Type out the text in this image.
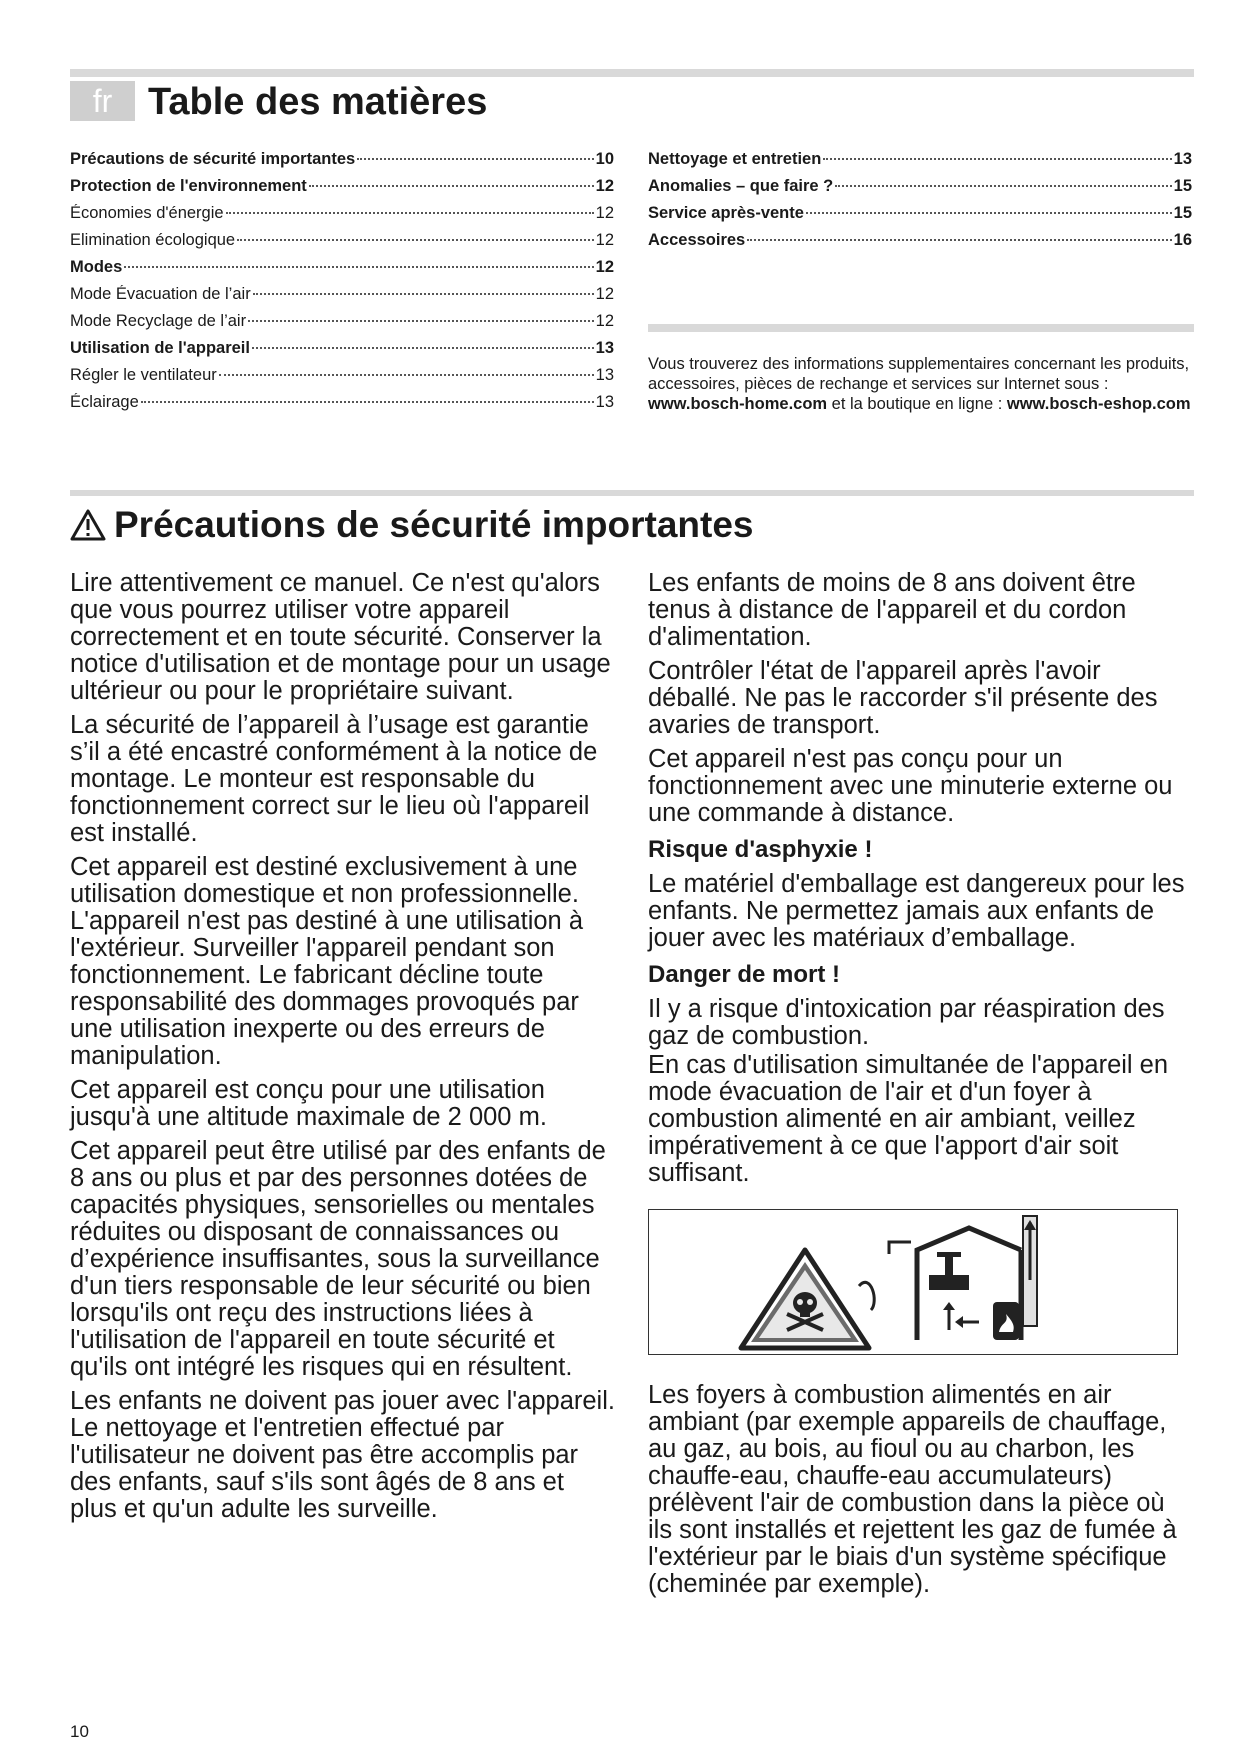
fr Table des matières
Précautions de sécurité importantes	10
Protection de l'environnement	12
Économies d'énergie	12
Elimination écologique	12
Modes	12
Mode Évacuation de l’air	12
Mode Recyclage de l’air	12
Utilisation de l'appareil	13
Régler le ventilateur	13
Éclairage	13
Nettoyage et entretien	13
Anomalies – que faire ?	15
Service après-vente	15
Accessoires	16
Vous trouverez des informations supplementaires concernant les produits, accessoires, pièces de rechange et services sur Internet sous : www.bosch-home.com et la boutique en ligne : www.bosch-eshop.com
Précautions de sécurité importantes

Lire attentivement ce manuel. Ce n'est qu'alors que vous pourrez utiliser votre appareil correctement et en toute sécurité. Conserver la notice d'utilisation et de montage pour un usage ultérieur ou pour le propriétaire suivant.

La sécurité de l’appareil à l’usage est garantie s’il a été encastré conformément à la notice de montage. Le monteur est responsable du fonctionnement correct sur le lieu où l'appareil est installé.

Cet appareil est destiné exclusivement à une utilisation domestique et non professionnelle. L'appareil n'est pas destiné à une utilisation à l'extérieur. Surveiller l'appareil pendant son fonctionnement. Le fabricant décline toute responsabilité des dommages provoqués par une utilisation inexperte ou des erreurs de manipulation.

Cet appareil est conçu pour une utilisation jusqu'à une altitude maximale de 2 000 m.

Cet appareil peut être utilisé par des enfants de 8 ans ou plus et par des personnes dotées de capacités physiques, sensorielles ou mentales réduites ou disposant de connaissances ou d’expérience insuffisantes, sous la surveillance d'un tiers responsable de leur sécurité ou bien lorsqu'ils ont reçu des instructions liées à l'utilisation de l'appareil en toute sécurité et qu'ils ont intégré les risques qui en résultent.

Les enfants ne doivent pas jouer avec l'appareil. Le nettoyage et l'entretien effectué par l'utilisateur ne doivent pas être accomplis par des enfants, sauf s'ils sont âgés de 8 ans et plus et qu'un adulte les surveille.

Les enfants de moins de 8 ans doivent être tenus à distance de l'appareil et du cordon d'alimentation.

Contrôler l'état de l'appareil après l'avoir déballé. Ne pas le raccorder s'il présente des avaries de transport.

Cet appareil n'est pas conçu pour un fonctionnement avec une minuterie externe ou une commande à distance.

Risque d'asphyxie !

Le matériel d'emballage est dangereux pour les enfants. Ne permettez jamais aux enfants de jouer avec les matériaux d’emballage.

Danger de mort !

Il y a risque d'intoxication par réaspiration des gaz de combustion.

En cas d'utilisation simultanée de l'appareil en mode évacuation de l'air et d'un foyer à combustion alimenté en air ambiant, veillez impérativement à ce que l'apport d'air soit suffisant.

Les foyers à combustion alimentés en air ambiant (par exemple appareils de chauffage, au gaz, au bois, au fioul ou au charbon, les chauffe-eau, chauffe-eau accumulateurs) prélèvent l'air de combustion dans la pièce où ils sont installés et rejettent les gaz de fumée à l'extérieur par le biais d'un système spécifique (cheminée par exemple).

10
